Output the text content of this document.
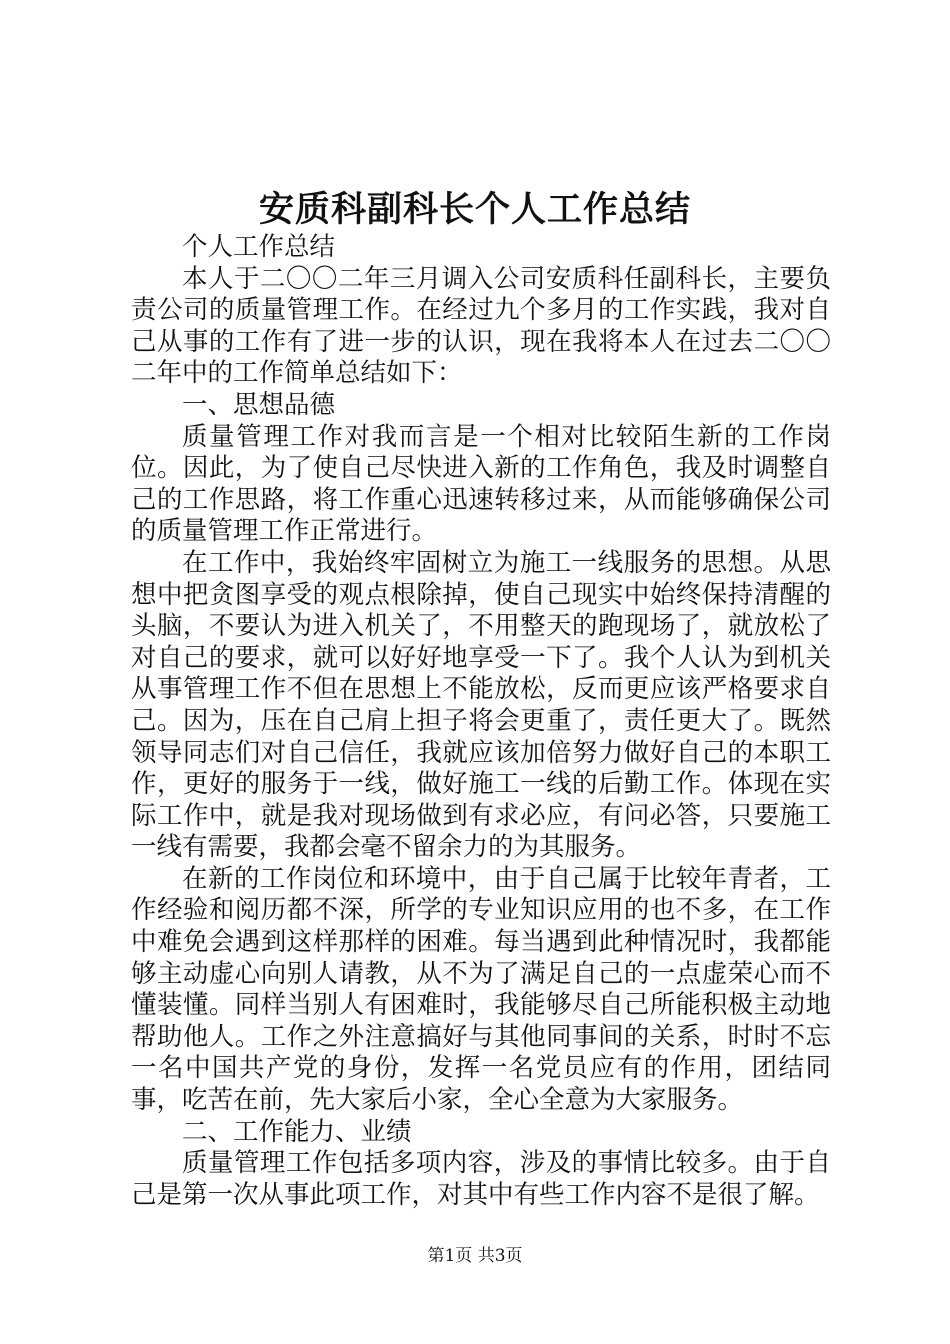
安质科副科长个人工作总结

个人工作总结

本人于二〇〇二年三月调入公司安质科任副科长，主要负责公司的质量管理工作。在经过九个多月的工作实践，我对自己从事的工作有了进一步的认识，现在我将本人在过去二〇〇二年中的工作简单总结如下：

一、思想品德

质量管理工作对我而言是一个相对比较陌生新的工作岗位。因此，为了使自己尽快进入新的工作角色，我及时调整自己的工作思路，将工作重心迅速转移过来，从而能够确保公司的质量管理工作正常进行。

在工作中，我始终牢固树立为施工一线服务的思想。从思想中把贪图享受的观点根除掉，使自己现实中始终保持清醒的头脑，不要认为进入机关了，不用整天的跑现场了，就放松了对自己的要求，就可以好好地享受一下了。我个人认为到机关从事管理工作不但在思想上不能放松，反而更应该严格要求自己。因为，压在自己肩上担子将会更重了，责任更大了。既然领导同志们对自己信任，我就应该加倍努力做好自己的本职工作，更好的服务于一线，做好施工一线的后勤工作。体现在实际工作中，就是我对现场做到有求必应，有问必答，只要施工一线有需要，我都会毫不留余力的为其服务。

在新的工作岗位和环境中，由于自己属于比较年青者，工作经验和阅历都不深，所学的专业知识应用的也不多，在工作中难免会遇到这样那样的困难。每当遇到此种情况时，我都能够主动虚心向别人请教，从不为了满足自己的一点虚荣心而不懂装懂。同样当别人有困难时，我能够尽自己所能积极主动地帮助他人。工作之外注意搞好与其他同事间的关系，时时不忘一名中国共产党的身份，发挥一名党员应有的作用，团结同事，吃苦在前，先大家后小家，全心全意为大家服务。

二、工作能力、业绩

质量管理工作包括多项内容，涉及的事情比较多。由于自己是第一次从事此项工作，对其中有些工作内容不是很了解。

第1页 共3页
